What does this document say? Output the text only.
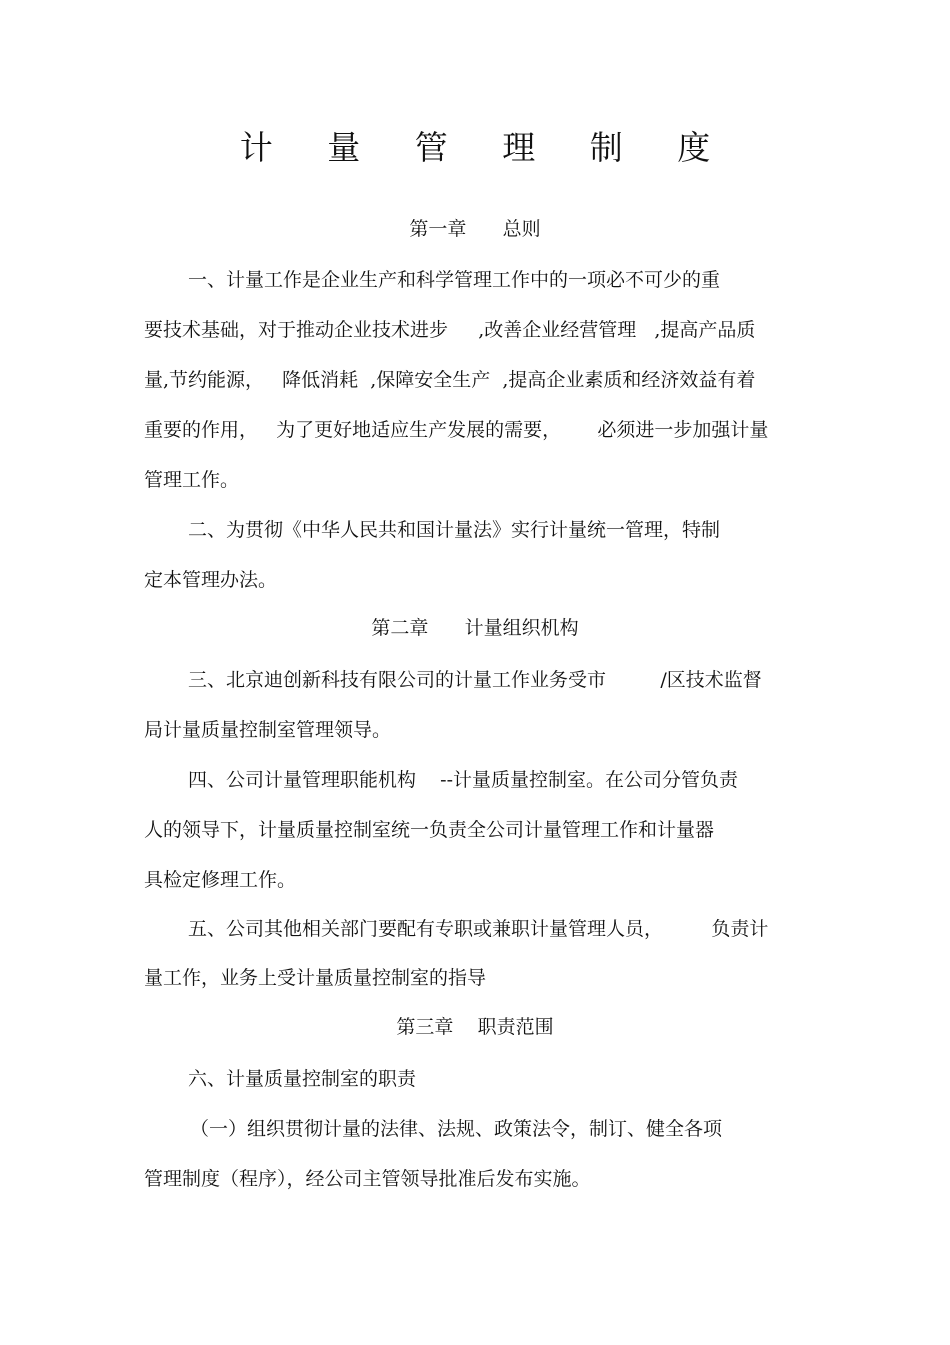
计 量 管 理 制 度
第一章      总则
一、计量工作是企业生产和科学管理工作中的一项必不可少的重
要技术基础，对于推动企业技术进步     ,改善企业经营管理   ,提高产品质
量,节约能源，   降低消耗  ,保障安全生产  ,提高企业素质和经济效益有着
重要的作用，   为了更好地适应生产发展的需要，      必须进一步加强计量
管理工作。
二、为贯彻《中华人民共和国计量法》实行计量统一管理，特制
定本管理办法。
第二章      计量组织机构
三、北京迪创新科技有限公司的计量工作业务受市         /区技术监督
局计量质量控制室管理领导。
四、公司计量管理职能机构    --计量质量控制室。在公司分管负责
人的领导下，计量质量控制室统一负责全公司计量管理工作和计量器
具检定修理工作。
五、公司其他相关部门要配有专职或兼职计量管理人员，        负责计
量工作，业务上受计量质量控制室的指导
第三章    职责范围
六、计量质量控制室的职责
（一）组织贯彻计量的法律、法规、政策法令，制订、健全各项
管理制度（程序），经公司主管领导批准后发布实施。
